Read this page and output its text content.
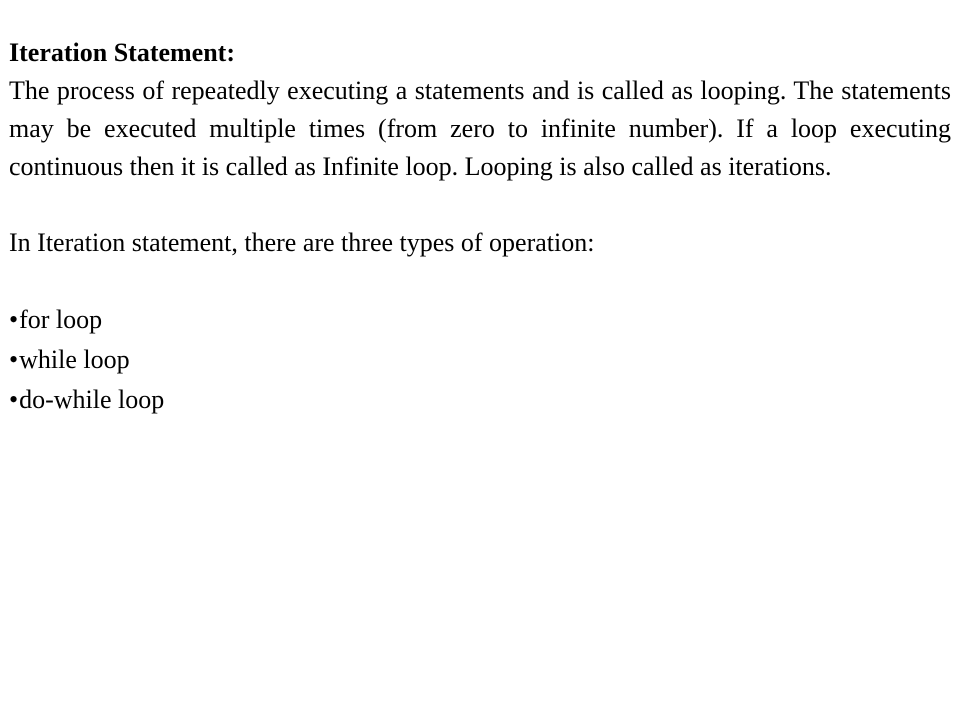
Iteration Statement:

The process of repeatedly executing a statements and is called as looping. The statements may be executed multiple times (from zero to infinite number). If a loop executing continuous then it is called as Infinite loop. Looping is also called as iterations.

In Iteration statement, there are three types of operation:

•for loop
•while loop
•do-while loop
